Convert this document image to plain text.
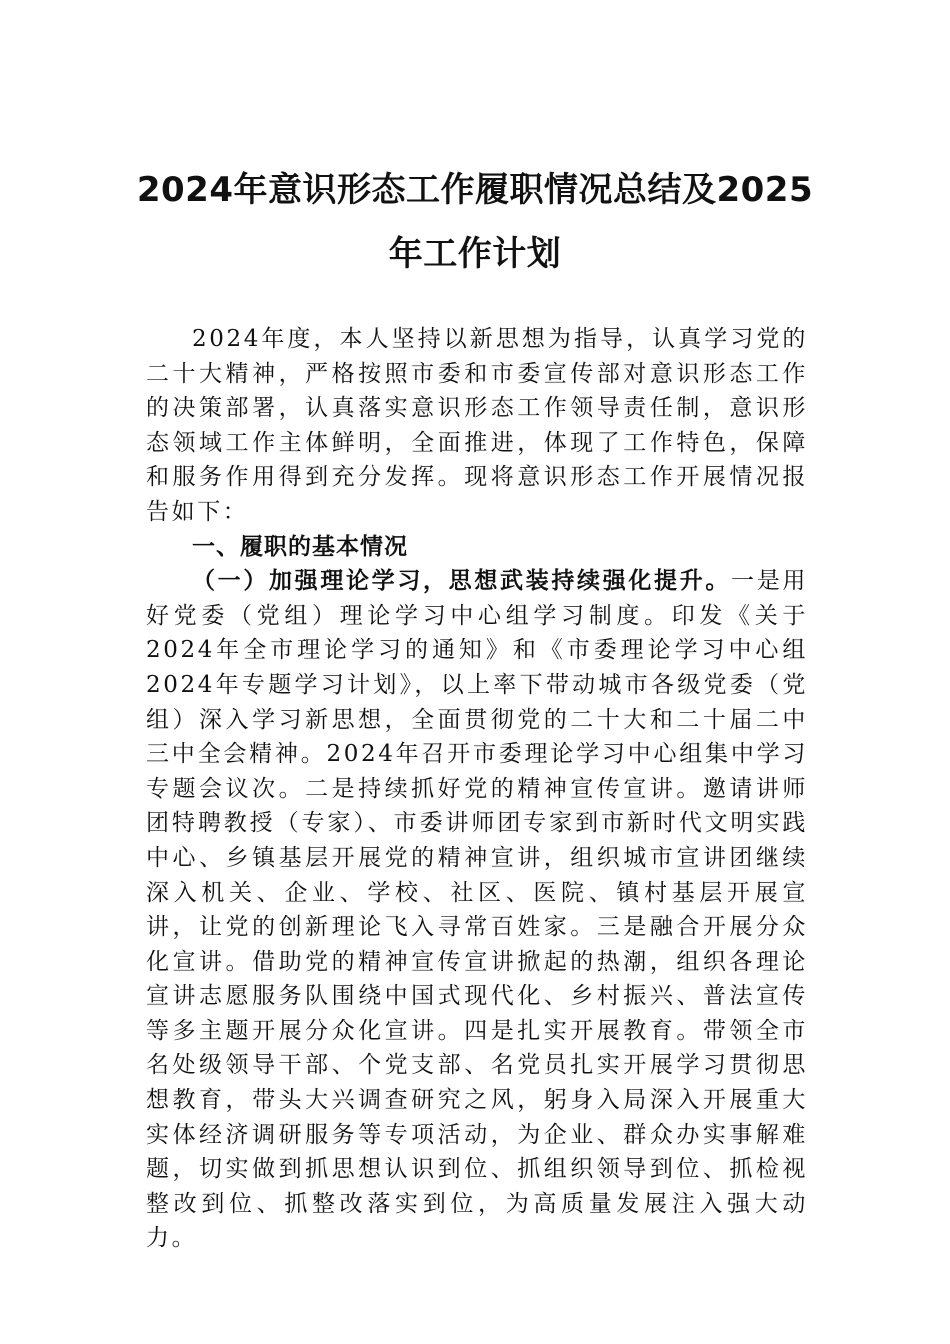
2024年意识形态工作履职情况总结及2025
年工作计划

2024年度，本人坚持以新思想为指导，认真学习党的二十大精神，严格按照市委和市委宣传部对意识形态工作的决策部署，认真落实意识形态工作领导责任制，意识形态领域工作主体鲜明，全面推进，体现了工作特色，保障和服务作用得到充分发挥。现将意识形态工作开展情况报告如下：

一、履职的基本情况

（一）加强理论学习，思想武装持续强化提升。一是用好党委（党组）理论学习中心组学习制度。印发《关于2024年全市理论学习的通知》和《市委理论学习中心组2024年专题学习计划》，以上率下带动城市各级党委（党组）深入学习新思想，全面贯彻党的二十大和二十届二中三中全会精神。2024年召开市委理论学习中心组集中学习专题会议次。二是持续抓好党的精神宣传宣讲。邀请讲师团特聘教授（专家）、市委讲师团专家到市新时代文明实践中心、乡镇基层开展党的精神宣讲，组织城市宣讲团继续深入机关、企业、学校、社区、医院、镇村基层开展宣讲，让党的创新理论飞入寻常百姓家。三是融合开展分众化宣讲。借助党的精神宣传宣讲掀起的热潮，组织各理论宣讲志愿服务队围绕中国式现代化、乡村振兴、普法宣传等多主题开展分众化宣讲。四是扎实开展教育。带领全市名处级领导干部、个党支部、名党员扎实开展学习贯彻思想教育，带头大兴调查研究之风，躬身入局深入开展重大实体经济调研服务等专项活动，为企业、群众办实事解难题，切实做到抓思想认识到位、抓组织领导到位、抓检视整改到位、抓整改落实到位，为高质量发展注入强大动力。
